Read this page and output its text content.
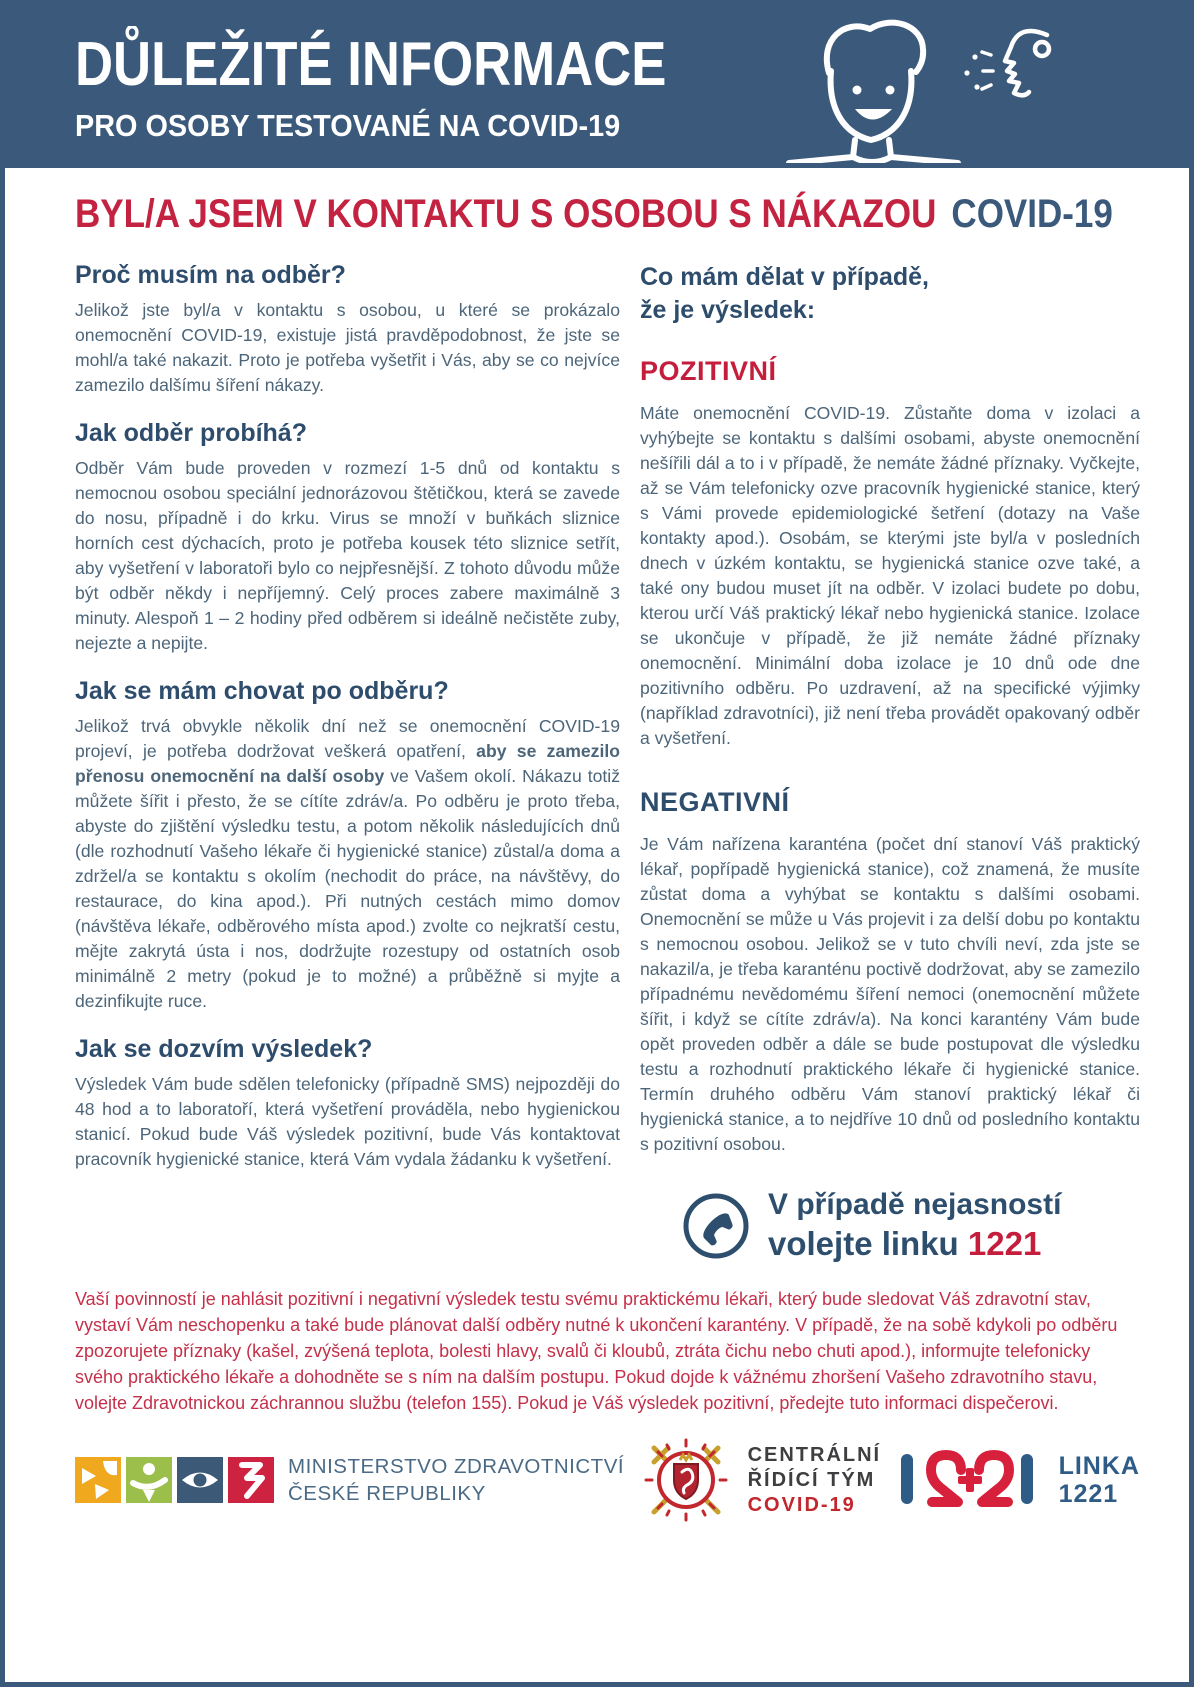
DŮLEŽITÉ INFORMACE
PRO OSOBY TESTOVANÉ NA COVID-19
BYL/A JSEM V KONTAKTU S OSOBOU S NÁKAZOU COVID-19
Proč musím na odběr?

Jelikož jste byl/a v kontaktu s osobou, u které se prokázalo onemocnění COVID-19, existuje jistá pravděpodobnost, že jste se mohl/a také nakazit. Proto je potřeba vyšetřit i Vás, aby se co nejvíce zamezilo dalšímu šíření nákazy.

Jak odběr probíhá?

Odběr Vám bude proveden v rozmezí 1-5 dnů od kontaktu s nemocnou osobou speciální jednorázovou štětičkou, která se zavede do nosu, případně i do krku. Virus se množí v buňkách sliznice horních cest dýchacích, proto je potřeba kousek této sliznice setřít, aby vyšetření v laboratoři bylo co nejpřesnější. Z tohoto důvodu může být odběr někdy i nepříjemný. Celý proces zabere maximálně 3 minuty. Alespoň 1 – 2 hodiny před odběrem si ideálně nečistěte zuby, nejezte a nepijte.

Jak se mám chovat po odběru?

Jelikož trvá obvykle několik dní než se onemocnění COVID-19 projeví, je potřeba dodržovat veškerá opatření, aby se zamezilo přenosu onemocnění na další osoby ve Vašem okolí. Nákazu totiž můžete šířit i přesto, že se cítíte zdráv/a. Po odběru je proto třeba, abyste do zjištění výsledku testu, a potom několik následujících dnů (dle rozhodnutí Vašeho lékaře či hygienické stanice) zůstal/a doma a zdržel/a se kontaktu s okolím (nechodit do práce, na návštěvy, do restaurace, do kina apod.). Při nutných cestách mimo domov (návštěva lékaře, odběrového místa apod.) zvolte co nejkratší cestu, mějte zakrytá ústa i nos, dodržujte rozestupy od ostatních osob minimálně 2 metry (pokud je to možné) a průběžně si myjte a dezinfikujte ruce.

Jak se dozvím výsledek?

Výsledek Vám bude sdělen telefonicky (případně SMS) nejpozději do 48 hod a to laboratoří, která vyšetření prováděla, nebo hygienickou stanicí. Pokud bude Váš výsledek pozitivní, bude Vás kontaktovat pracovník hygienické stanice, která Vám vydala žádanku k vyšetření.

Co mám dělat v případě,
že je výsledek:
POZITIVNÍ

Máte onemocnění COVID-19. Zůstaňte doma v izolaci a vyhýbejte se kontaktu s dalšími osobami, abyste onemocnění nešířili dál a to i v případě, že nemáte žádné příznaky. Vyčkejte, až se Vám telefonicky ozve pracovník hygienické stanice, který s Vámi provede epidemiologické šetření (dotazy na Vaše kontakty apod.). Osobám, se kterými jste byl/a v posledních dnech v úzkém kontaktu, se hygienická stanice ozve také, a také ony budou muset jít na odběr. V izolaci budete po dobu, kterou určí Váš praktický lékař nebo hygienická stanice. Izolace se ukončuje v případě, že již nemáte žádné příznaky onemocnění. Minimální doba izolace je 10 dnů ode dne pozitivního odběru. Po uzdravení, až na specifické výjimky (například zdravotníci), již není třeba provádět opakovaný odběr a vyšetření.

NEGATIVNÍ

Je Vám nařízena karanténa (počet dní stanoví Váš praktický lékař, popřípadě hygienická stanice), což znamená, že musíte zůstat doma a vyhýbat se kontaktu s dalšími osobami. Onemocnění se může u Vás projevit i za delší dobu po kontaktu s nemocnou osobou. Jelikož se v tuto chvíli neví, zda jste se nakazil/a, je třeba karanténu poctivě dodržovat, aby se zamezilo případnému nevědomému šíření nemoci (onemocnění můžete šířit, i když se cítíte zdráv/a). Na konci karantény Vám bude opět proveden odběr a dále se bude postupovat dle výsledku testu a rozhodnutí praktického lékaře či hygienické stanice. Termín druhého odběru Vám stanoví praktický lékař či hygienická stanice, a to nejdříve 10 dnů od posledního kontaktu s pozitivní osobou.

V případě nejasností
volejte linku 1221

Vaší povinností je nahlásit pozitivní i negativní výsledek testu svému praktickému lékaři, který bude sledovat Váš zdravotní stav, vystaví Vám neschopenku a také bude plánovat další odběry nutné k ukončení karantény. V případě, že na sobě kdykoli po odběru zpozorujete příznaky (kašel, zvýšená teplota, bolesti hlavy, svalů či kloubů, ztráta čichu nebo chuti apod.), informujte telefonicky svého praktického lékaře a dohodněte se s ním na dalším postupu. Pokud dojde k vážnému zhoršení Vašeho zdravotního stavu, volejte Zdravotnickou záchrannou službu (telefon 155). Pokud je Váš výsledek pozitivní, předejte tuto informaci dispečerovi.

MINISTERSTVO ZDRAVOTNICTVÍ
ČESKÉ REPUBLIKY
CENTRÁLNÍ
ŘÍDÍCÍ TÝM
COVID-19
LINKA
1221
